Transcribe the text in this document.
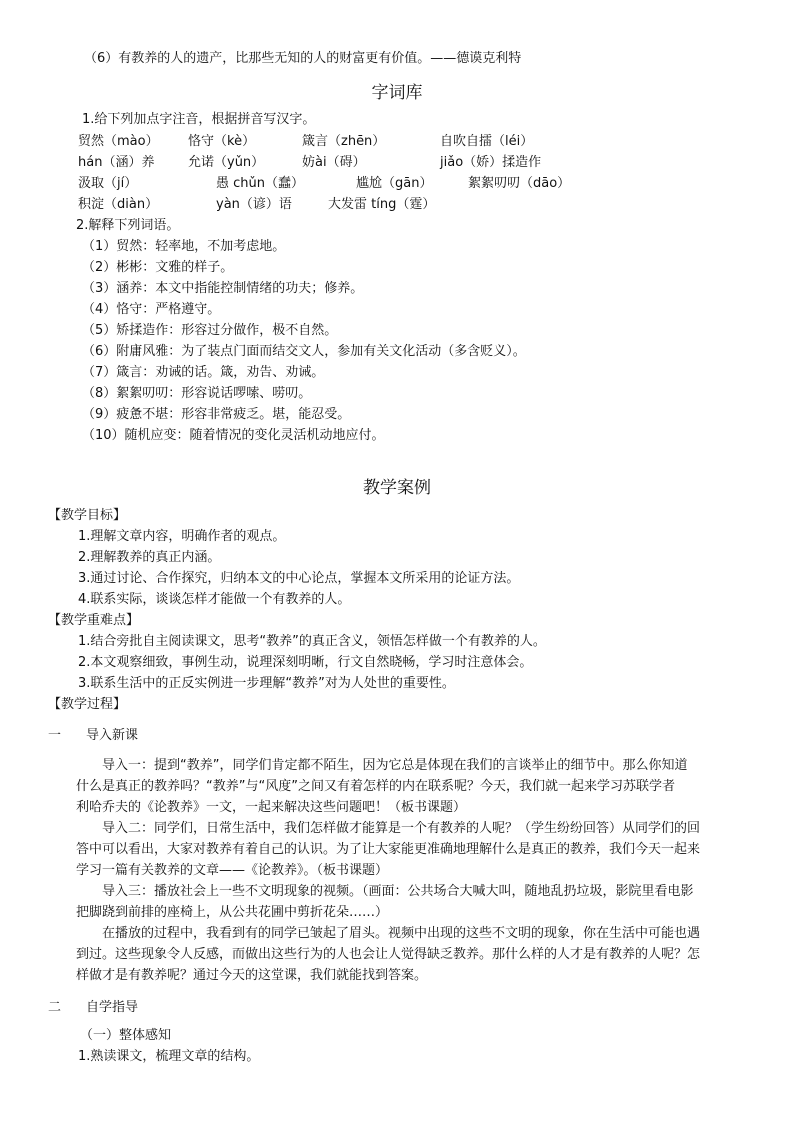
（6）有教养的人的遗产，比那些无知的人的财富更有价值。——德谟克利特
字词库
1.给下列加点字注音，根据拼音写汉字。
贸然（mào） 恪守（kè）	箴言（zhēn）	自吹自擂（léi）
hán（涵）养	允诺（yǔn）	妨ài（碍）	jiǎo（娇）揉造作
汲取（jí）	愚 chǔn（蠢）	尴尬（gān）	絮絮叨叨（dāo）
积淀（diàn）	yàn（谚）语	大发雷 tíng（霆）
2.解释下列词语。
（1）贸然：轻率地，不加考虑地。
（2）彬彬：文雅的样子。
（3）涵养：本文中指能控制情绪的功夫；修养。
（4）恪守：严格遵守。
（5）矫揉造作：形容过分做作，极不自然。
（6）附庸风雅：为了装点门面而结交文人，参加有关文化活动（多含贬义）。
（7）箴言：劝诫的话。箴，劝告、劝诫。
（8）絮絮叨叨：形容说话啰嗦、唠叨。
（9）疲惫不堪：形容非常疲乏。堪，能忍受。
（10）随机应变：随着情况的变化灵活机动地应付。
教学案例
【教学目标】
1.理解文章内容，明确作者的观点。
2.理解教养的真正内涵。
3.通过讨论、合作探究，归纳本文的中心论点，掌握本文所采用的论证方法。
4.联系实际，谈谈怎样才能做一个有教养的人。
【教学重难点】
1.结合旁批自主阅读课文，思考“教养”的真正含义，领悟怎样做一个有教养的人。
2.本文观察细致，事例生动，说理深刻明晰，行文自然晓畅，学习时注意体会。
3.联系生活中的正反实例进一步理解“教养”对为人处世的重要性。
【教学过程】
一 导入新课
导入一：提到“教养”，同学们肯定都不陌生，因为它总是体现在我们的言谈举止的细节中。那么你知道
什么是真正的教养吗？“教养”与“风度”之间又有着怎样的内在联系呢？今天，我们就一起来学习苏联学者
利哈乔夫的《论教养》一文，一起来解决这些问题吧！（板书课题）
导入二：同学们，日常生活中，我们怎样做才能算是一个有教养的人呢？（学生纷纷回答）从同学们的回
答中可以看出，大家对教养有着自己的认识。为了让大家能更准确地理解什么是真正的教养，我们今天一起来
学习一篇有关教养的文章——《论教养》。（板书课题）
导入三：播放社会上一些不文明现象的视频。（画面：公共场合大喊大叫，随地乱扔垃圾，影院里看电影
把脚跷到前排的座椅上，从公共花圃中剪折花朵……）
在播放的过程中，我看到有的同学已皱起了眉头。视频中出现的这些不文明的现象，你在生活中可能也遇
到过。这些现象令人反感，而做出这些行为的人也会让人觉得缺乏教养。那什么样的人才是有教养的人呢？怎
样做才是有教养呢？通过今天的这堂课，我们就能找到答案。
二 自学指导
（一）整体感知
1.熟读课文，梳理文章的结构。
